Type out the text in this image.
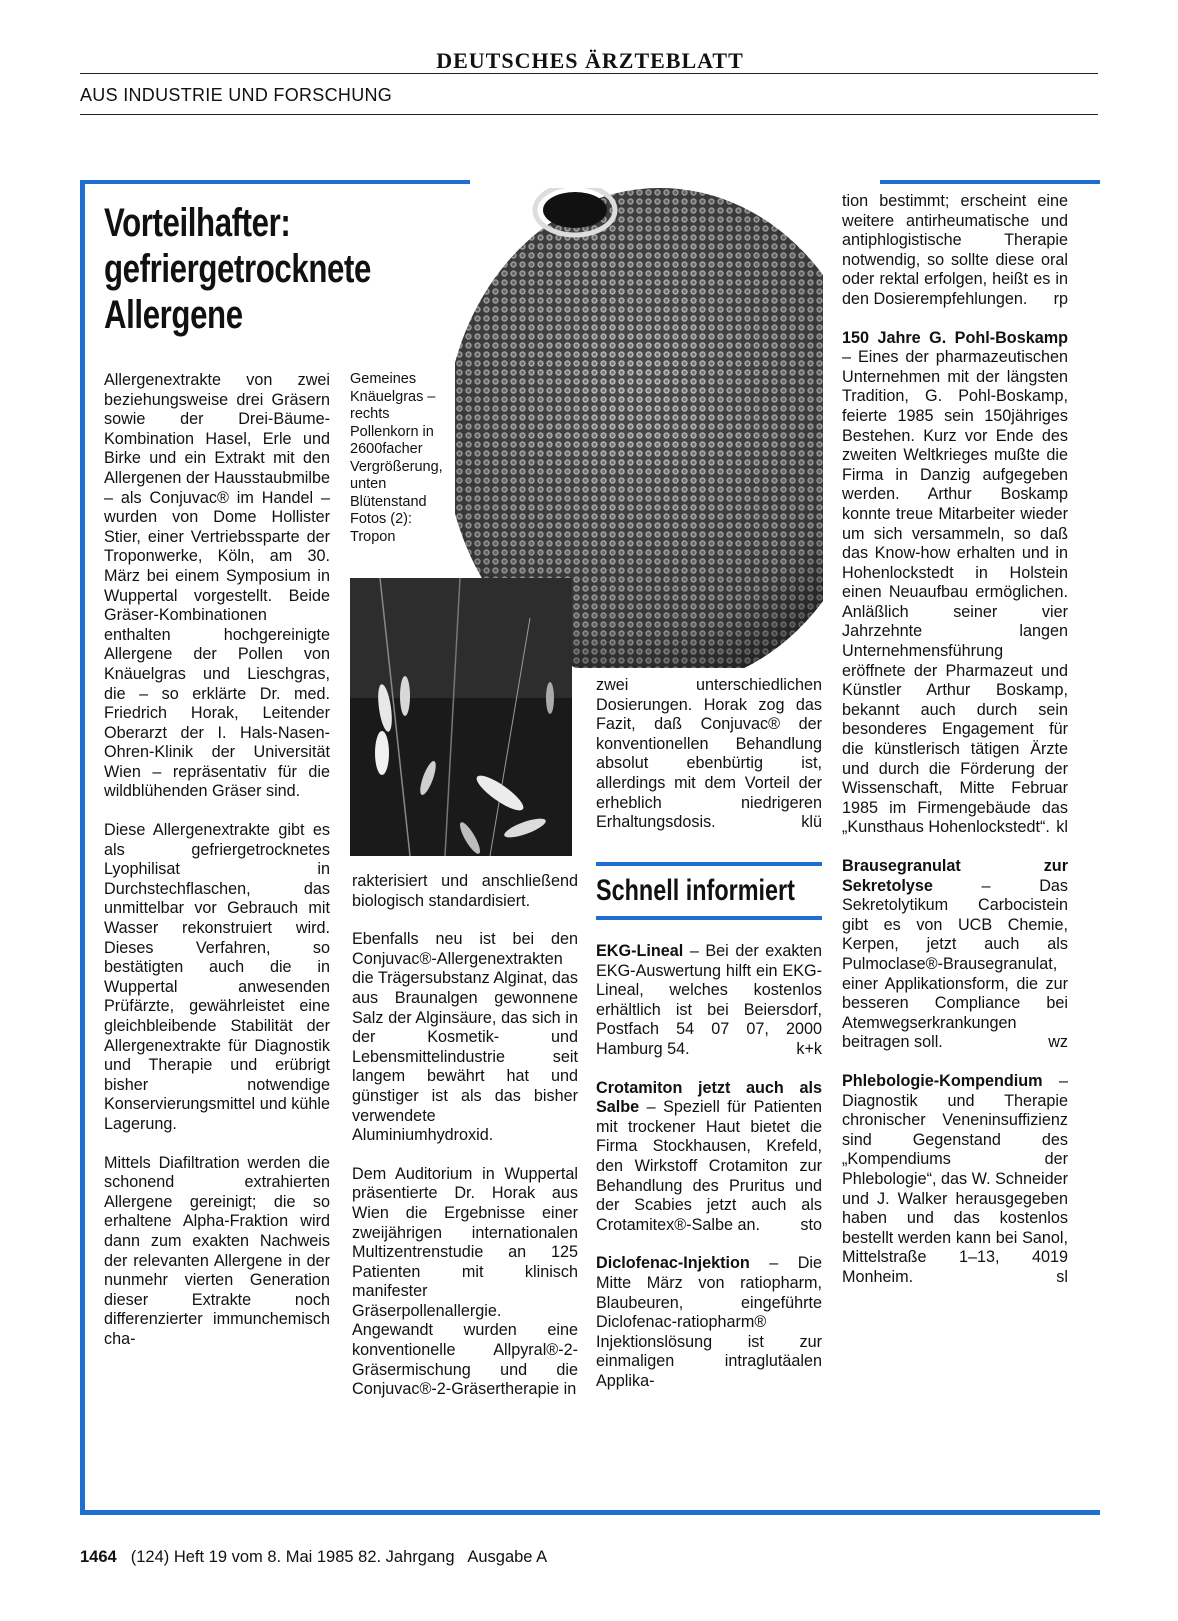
DEUTSCHES ÄRZTEBLATT
AUS INDUSTRIE UND FORSCHUNG
Vorteilhafter: gefriergetrocknete Allergene

Allergenextrakte von zwei beziehungsweise drei Gräsern sowie der Drei-Bäume-Kombination Hasel, Erle und Birke und ein Extrakt mit den Allergenen der Hausstaubmilbe – als Conjuvac® im Handel – wurden von Dome Hollister Stier, einer Vertriebssparte der Troponwerke, Köln, am 30. März bei einem Symposium in Wuppertal vorgestellt. Beide Gräser-Kombinationen enthalten hochgereinigte Allergene der Pollen von Knäuelgras und Lieschgras, die – so erklärte Dr. med. Friedrich Horak, Leitender Oberarzt der I. Hals-Nasen-Ohren-Klinik der Universität Wien – repräsentativ für die wildblühenden Gräser sind.

Diese Allergenextrakte gibt es als gefriergetrocknetes Lyophilisat in Durchstechflaschen, das unmittelbar vor Gebrauch mit Wasser rekonstruiert wird. Dieses Verfahren, so bestätigten auch die in Wuppertal anwesenden Prüfärzte, gewährleistet eine gleichbleibende Stabilität der Allergenextrakte für Diagnostik und Therapie und erübrigt bisher notwendige Konservierungsmittel und kühle Lagerung.

Mittels Diafiltration werden die schonend extrahierten Allergene gereinigt; die so erhaltene Alpha-Fraktion wird dann zum exakten Nachweis der relevanten Allergene in der nunmehr vierten Generation dieser Extrakte noch differenzierter immunchemisch cha-

Gemeines Knäuelgras – rechts Pollenkorn in 2600facher Vergrößerung, unten Blütenstand Fotos (2): Tropon

rakterisiert und anschließend biologisch standardisiert.

Ebenfalls neu ist bei den Conjuvac®-Allergenextrakten die Trägersubstanz Alginat, das aus Braunalgen gewonnene Salz der Alginsäure, das sich in der Kosmetik- und Lebensmittelindustrie seit langem bewährt hat und günstiger ist als das bisher verwendete Aluminiumhydroxid.

Dem Auditorium in Wuppertal präsentierte Dr. Horak aus Wien die Ergebnisse einer zweijährigen internationalen Multizentrenstudie an 125 Patienten mit klinisch manifester Gräserpollenallergie. Angewandt wurden eine konventionelle Allpyral®-2-Gräsermischung und die Conjuvac®-2-Gräsertherapie in

zwei unterschiedlichen Dosierungen. Horak zog das Fazit, daß Conjuvac® der konventionellen Behandlung absolut ebenbürtig ist, allerdings mit dem Vorteil der erheblich niedrigeren Erhaltungsdosis.	klü

Schnell informiert

EKG-Lineal – Bei der exakten EKG-Auswertung hilft ein EKG-Lineal, welches kostenlos erhältlich ist bei Beiersdorf, Postfach 54 07 07, 2000 Hamburg 54.	k+k

Crotamiton jetzt auch als Salbe – Speziell für Patienten mit trockener Haut bietet die Firma Stockhausen, Krefeld, den Wirkstoff Crotamiton zur Behandlung des Pruritus und der Scabies jetzt auch als Crotamitex®-Salbe an. sto

Diclofenac-Injektion – Die Mitte März von ratiopharm, Blaubeuren, eingeführte Diclofenac-ratiopharm® Injektionslösung ist zur einmaligen intraglutäalen Applika-

tion bestimmt; erscheint eine weitere antirheumatische und antiphlogistische Therapie notwendig, so sollte diese oral oder rektal erfolgen, heißt es in den Dosierempfehlungen. rp

150 Jahre G. Pohl-Boskamp – Eines der pharmazeutischen Unternehmen mit der längsten Tradition, G. Pohl-Boskamp, feierte 1985 sein 150jähriges Bestehen. Kurz vor Ende des zweiten Weltkrieges mußte die Firma in Danzig aufgegeben werden. Arthur Boskamp konnte treue Mitarbeiter wieder um sich versammeln, so daß das Know-how erhalten und in Hohenlockstedt in Holstein einen Neuaufbau ermöglichen. Anläßlich seiner vier Jahrzehnte langen Unternehmensführung eröffnete der Pharmazeut und Künstler Arthur Boskamp, bekannt auch durch sein besonderes Engagement für die künstlerisch tätigen Ärzte und durch die Förderung der Wissenschaft, Mitte Februar 1985 im Firmengebäude das „Kunsthaus Hohenlockstedt“. kl

Brausegranulat zur Sekretolyse – Das Sekretolytikum Carbocistein gibt es von UCB Chemie, Kerpen, jetzt auch als Pulmoclase®-Brausegranulat, einer Applikationsform, die zur besseren Compliance bei Atemwegserkrankungen beitragen soll.	wz

Phlebologie-Kompendium – Diagnostik und Therapie chronischer Veneninsuffizienz sind Gegenstand des „Kompendiums der Phlebologie“, das W. Schneider und J. Walker herausgegeben haben und das kostenlos bestellt werden kann bei Sanol, Mittelstraße 1–13, 4019 Monheim.	sl

1464 (124) Heft 19 vom 8. Mai 1985 82. Jahrgang   Ausgabe A
